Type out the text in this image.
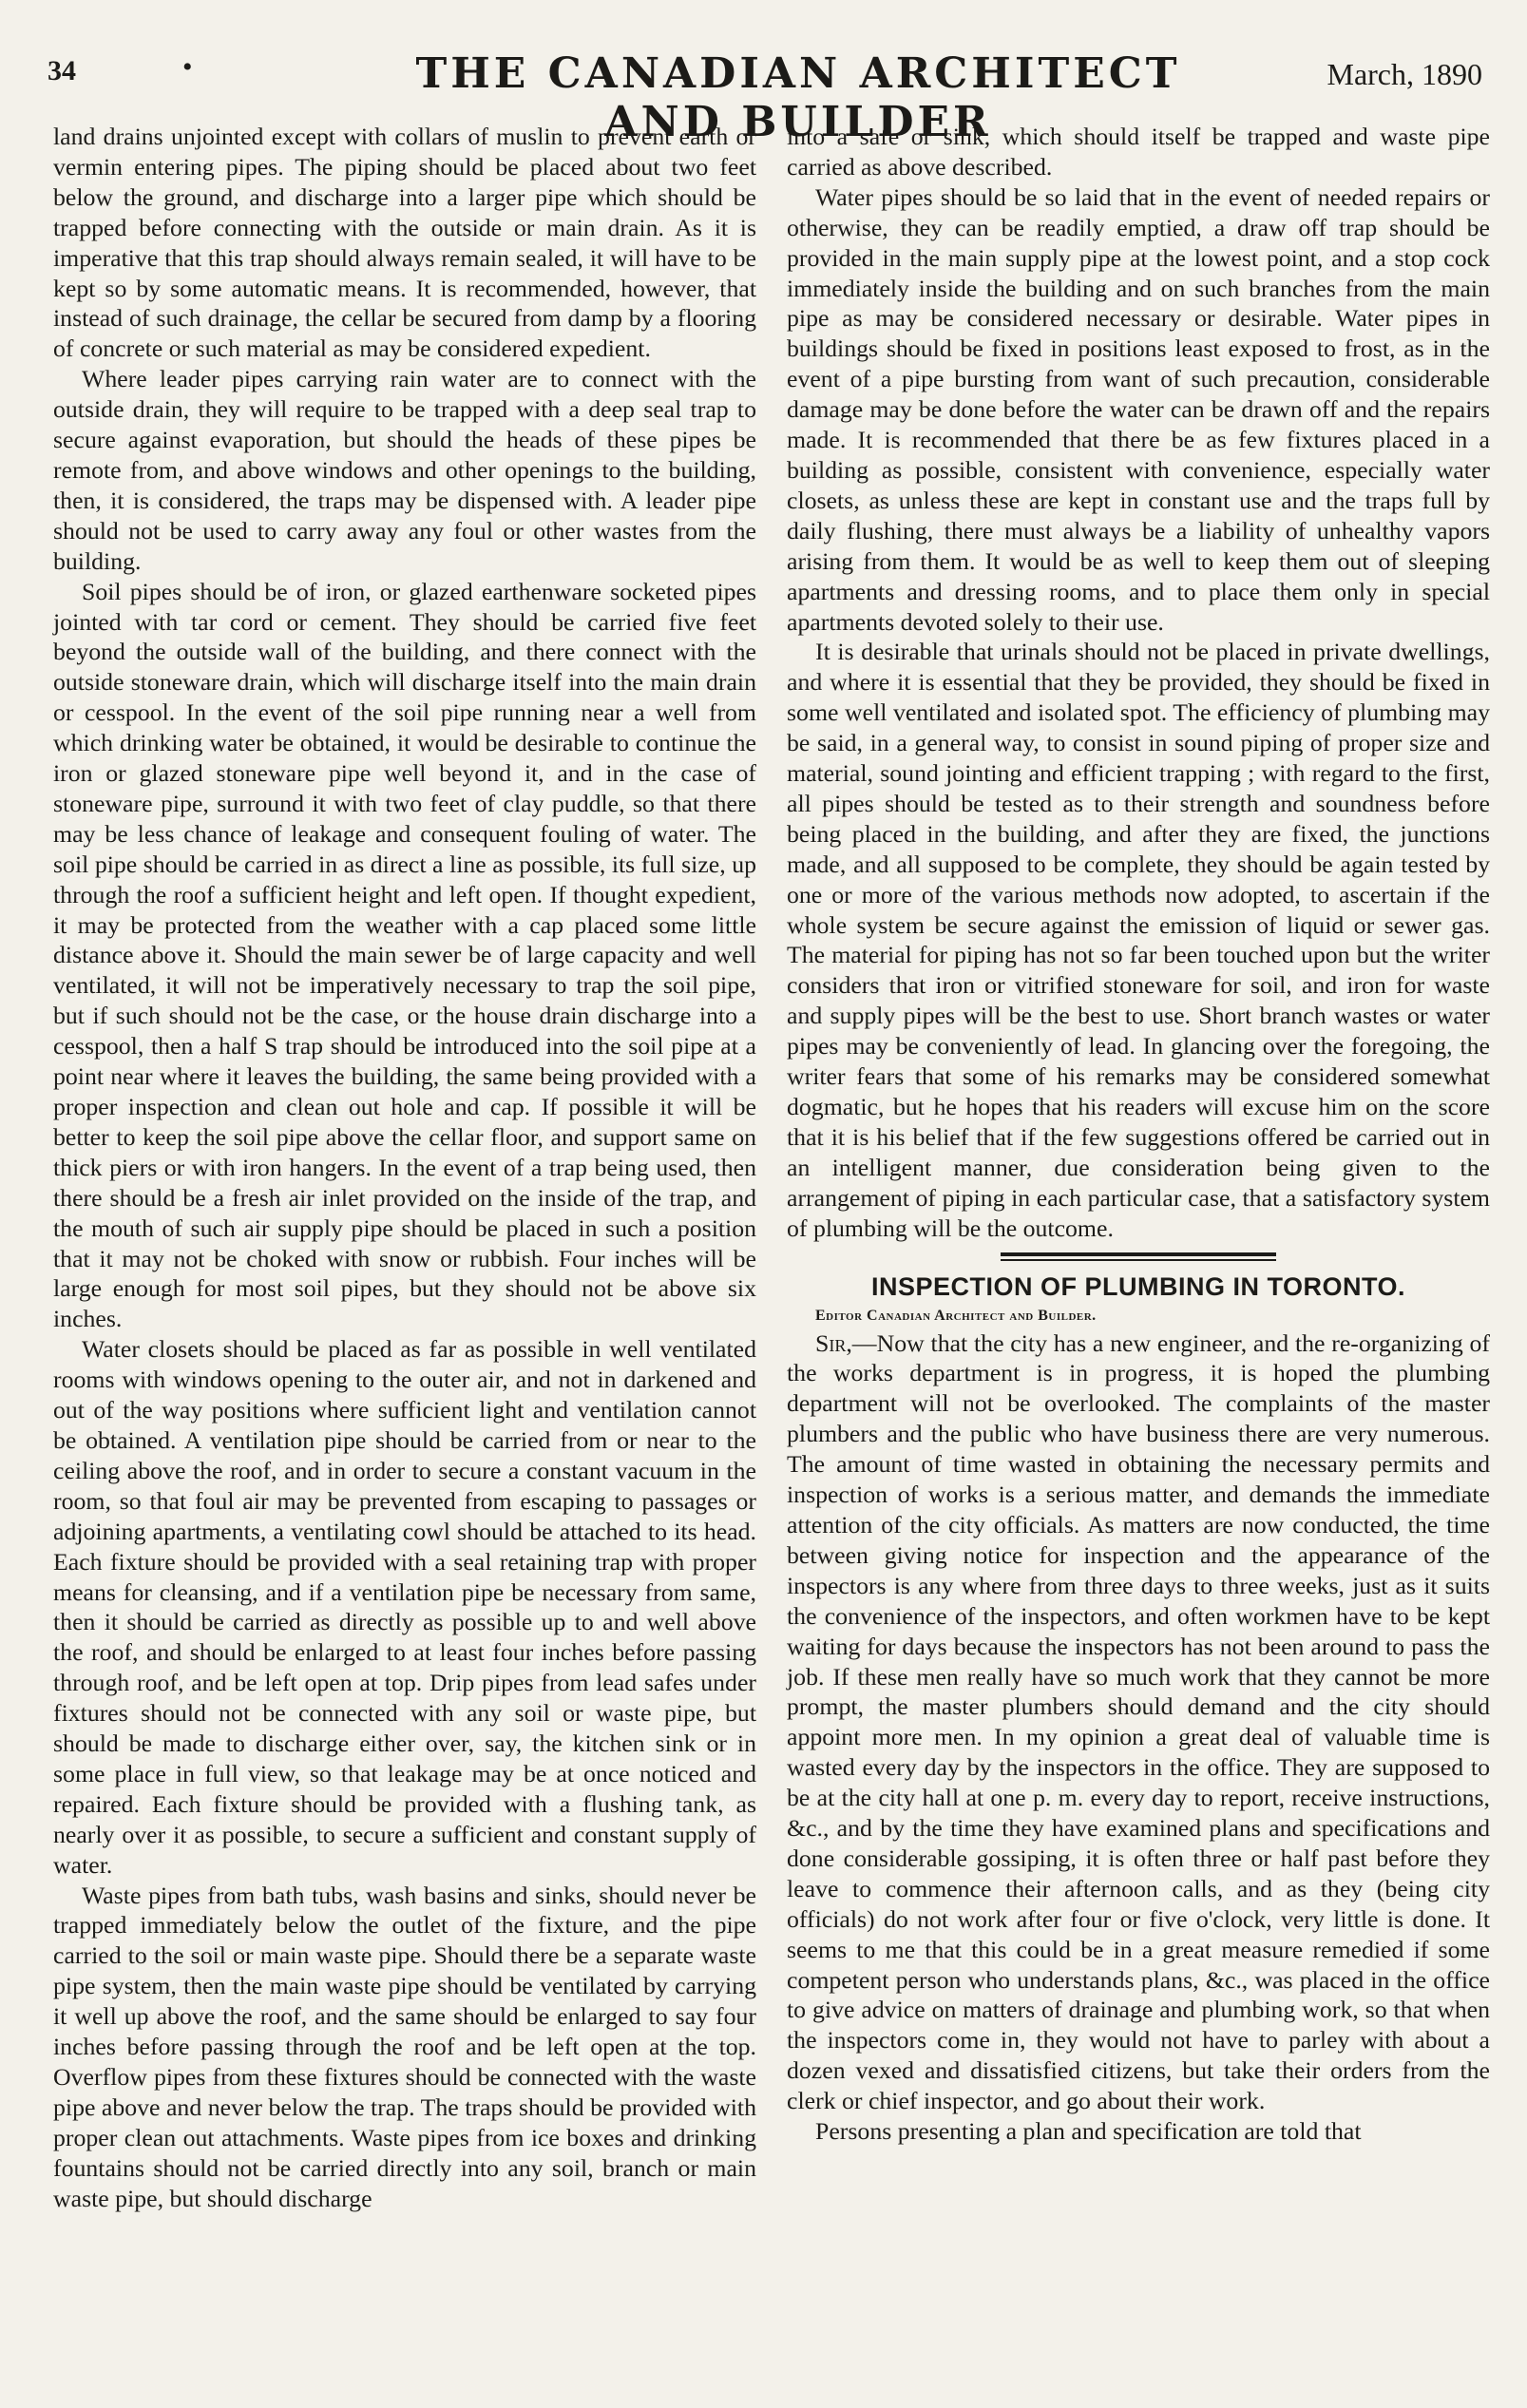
34	•	THE CANADIAN ARCHITECT AND BUILDER
March, 1890

land drains unjointed except with collars of muslin to prevent earth or vermin entering pipes. The piping should be placed about two feet below the ground, and discharge into a larger pipe which should be trapped before connecting with the outside or main drain. As it is imperative that this trap should always remain sealed, it will have to be kept so by some automatic means. It is recommended, however, that instead of such drainage, the cellar be secured from damp by a flooring of concrete or such material as may be considered expedient.

Where leader pipes carrying rain water are to connect with the outside drain, they will require to be trapped with a deep seal trap to secure against evaporation, but should the heads of these pipes be remote from, and above windows and other openings to the building, then, it is considered, the traps may be dispensed with. A leader pipe should not be used to carry away any foul or other wastes from the building.

Soil pipes should be of iron, or glazed earthenware socketed pipes jointed with tar cord or cement. They should be carried five feet beyond the outside wall of the building, and there connect with the outside stoneware drain, which will discharge itself into the main drain or cesspool. In the event of the soil pipe running near a well from which drinking water be obtained, it would be desirable to continue the iron or glazed stoneware pipe well beyond it, and in the case of stoneware pipe, surround it with two feet of clay puddle, so that there may be less chance of leakage and consequent fouling of water. The soil pipe should be carried in as direct a line as possible, its full size, up through the roof a sufficient height and left open. If thought expedient, it may be protected from the weather with a cap placed some little distance above it. Should the main sewer be of large capacity and well ventilated, it will not be imperatively necessary to trap the soil pipe, but if such should not be the case, or the house drain discharge into a cesspool, then a half S trap should be introduced into the soil pipe at a point near where it leaves the building, the same being provided with a proper inspection and clean out hole and cap. If possible it will be better to keep the soil pipe above the cellar floor, and support same on thick piers or with iron hangers. In the event of a trap being used, then there should be a fresh air inlet provided on the inside of the trap, and the mouth of such air supply pipe should be placed in such a position that it may not be choked with snow or rubbish. Four inches will be large enough for most soil pipes, but they should not be above six inches.

Water closets should be placed as far as possible in well ventilated rooms with windows opening to the outer air, and not in darkened and out of the way positions where sufficient light and ventilation cannot be obtained. A ventilation pipe should be carried from or near to the ceiling above the roof, and in order to secure a constant vacuum in the room, so that foul air may be prevented from escaping to passages or adjoining apartments, a ventilating cowl should be attached to its head. Each fixture should be provided with a seal retaining trap with proper means for cleansing, and if a ventilation pipe be necessary from same, then it should be carried as directly as possible up to and well above the roof, and should be enlarged to at least four inches before passing through roof, and be left open at top. Drip pipes from lead safes under fixtures should not be connected with any soil or waste pipe, but should be made to discharge either over, say, the kitchen sink or in some place in full view, so that leakage may be at once noticed and repaired. Each fixture should be provided with a flushing tank, as nearly over it as possible, to secure a sufficient and constant supply of water.

Waste pipes from bath tubs, wash basins and sinks, should never be trapped immediately below the outlet of the fixture, and the pipe carried to the soil or main waste pipe. Should there be a separate waste pipe system, then the main waste pipe should be ventilated by carrying it well up above the roof, and the same should be enlarged to say four inches before passing through the roof and be left open at the top. Overflow pipes from these fixtures should be connected with the waste pipe above and never below the trap. The traps should be provided with proper clean out attachments. Waste pipes from ice boxes and drinking fountains should not be carried directly into any soil, branch or main waste pipe, but should discharge

into a safe or sink, which should itself be trapped and waste pipe carried as above described.

Water pipes should be so laid that in the event of needed repairs or otherwise, they can be readily emptied, a draw off trap should be provided in the main supply pipe at the lowest point, and a stop cock immediately inside the building and on such branches from the main pipe as may be considered necessary or desirable. Water pipes in buildings should be fixed in positions least exposed to frost, as in the event of a pipe bursting from want of such precaution, considerable damage may be done before the water can be drawn off and the repairs made. It is recommended that there be as few fixtures placed in a building as possible, consistent with convenience, especially water closets, as unless these are kept in constant use and the traps full by daily flushing, there must always be a liability of unhealthy vapors arising from them. It would be as well to keep them out of sleeping apartments and dressing rooms, and to place them only in special apartments devoted solely to their use.

It is desirable that urinals should not be placed in private dwellings, and where it is essential that they be provided, they should be fixed in some well ventilated and isolated spot. The efficiency of plumbing may be said, in a general way, to consist in sound piping of proper size and material, sound jointing and efficient trapping ; with regard to the first, all pipes should be tested as to their strength and soundness before being placed in the building, and after they are fixed, the junctions made, and all supposed to be complete, they should be again tested by one or more of the various methods now adopted, to ascertain if the whole system be secure against the emission of liquid or sewer gas. The material for piping has not so far been touched upon but the writer considers that iron or vitrified stoneware for soil, and iron for waste and supply pipes will be the best to use. Short branch wastes or water pipes may be conveniently of lead. In glancing over the foregoing, the writer fears that some of his remarks may be considered somewhat dogmatic, but he hopes that his readers will excuse him on the score that it is his belief that if the few suggestions offered be carried out in an intelligent manner, due consideration being given to the arrangement of piping in each particular case, that a satisfactory system of plumbing will be the outcome.

INSPECTION OF PLUMBING IN TORONTO.

Editor Canadian Architect and Builder.

Sir,—Now that the city has a new engineer, and the re-organizing of the works department is in progress, it is hoped the plumbing department will not be overlooked. The complaints of the master plumbers and the public who have business there are very numerous. The amount of time wasted in obtaining the necessary permits and inspection of works is a serious matter, and demands the immediate attention of the city officials. As matters are now conducted, the time between giving notice for inspection and the appearance of the inspectors is any where from three days to three weeks, just as it suits the convenience of the inspectors, and often workmen have to be kept waiting for days because the inspectors has not been around to pass the job. If these men really have so much work that they cannot be more prompt, the master plumbers should demand and the city should appoint more men. In my opinion a great deal of valuable time is wasted every day by the inspectors in the office. They are supposed to be at the city hall at one p. m. every day to report, receive instructions, &c., and by the time they have examined plans and specifications and done considerable gossiping, it is often three or half past before they leave to commence their afternoon calls, and as they (being city officials) do not work after four or five o'clock, very little is done. It seems to me that this could be in a great measure remedied if some competent person who understands plans, &c., was placed in the office to give advice on matters of drainage and plumbing work, so that when the inspectors come in, they would not have to parley with about a dozen vexed and dissatisfied citizens, but take their orders from the clerk or chief inspector, and go about their work.

Persons presenting a plan and specification are told that
